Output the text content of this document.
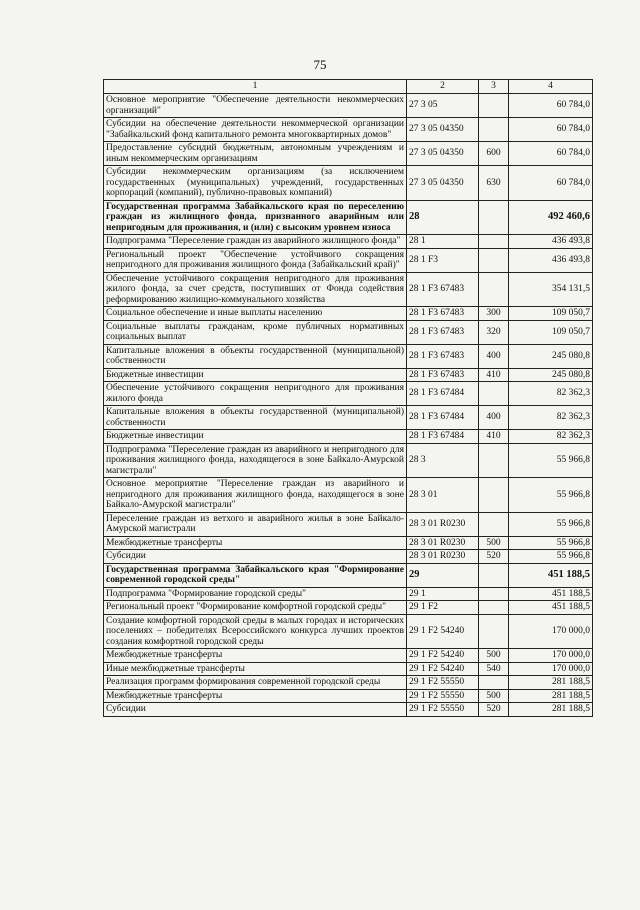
75
1	2	3	4
Основное мероприятие "Обеспечение деятельности некоммерческих организаций"	27 3 05		60 784,0
Субсидии на обеспечение деятельности некоммерческой организации "Забайкальский фонд капитального ремонта многоквартирных домов"	27 3 05 04350		60 784,0
Предоставление субсидий бюджетным, автономным учреждениям и иным некоммерческим организациям	27 3 05 04350	600	60 784,0
Субсидии некоммерческим организациям (за исключением государственных (муниципальных) учреждений, государственных корпораций (компаний), публично-правовых компаний)	27 3 05 04350	630	60 784,0
Государственная программа Забайкальского края по переселению граждан из жилищного фонда, признанного аварийным или непригодным для проживания, и (или) с высоким уровнем износа	28		492 460,6
Подпрограмма "Переселение граждан из аварийного жилищного фонда"	28 1		436 493,8
Региональный проект "Обеспечение устойчивого сокращения непригодного для проживания жилищного фонда (Забайкальский край)"	28 1 F3		436 493,8
Обеспечение устойчивого сокращения непригодного для проживания жилого фонда, за счет средств, поступивших от Фонда содействия реформированию жилищно-коммунального хозяйства	28 1 F3 67483		354 131,5
Социальное обеспечение и иные выплаты населению	28 1 F3 67483	300	109 050,7
Социальные выплаты гражданам, кроме публичных нормативных социальных выплат	28 1 F3 67483	320	109 050,7
Капитальные вложения в объекты государственной (муниципальной) собственности	28 1 F3 67483	400	245 080,8
Бюджетные инвестиции	28 1 F3 67483	410	245 080,8
Обеспечение устойчивого сокращения непригодного для проживания жилого фонда	28 1 F3 67484		82 362,3
Капитальные вложения в объекты государственной (муниципальной) собственности	28 1 F3 67484	400	82 362,3
Бюджетные инвестиции	28 1 F3 67484	410	82 362,3
Подпрограмма "Переселение граждан из аварийного и непригодного для проживания жилищного фонда, находящегося в зоне Байкало-Амурской магистрали"	28 3		55 966,8
Основное мероприятие "Переселение граждан из аварийного и непригодного для проживания жилищного фонда, находящегося в зоне Байкало-Амурской магистрали"	28 3 01		55 966,8
Переселение граждан из ветхого и аварийного жилья в зоне Байкало-Амурской магистрали	28 3 01 R0230		55 966,8
Межбюджетные трансферты	28 3 01 R0230	500	55 966,8
Субсидии	28 3 01 R0230	520	55 966,8
Государственная программа Забайкальского края "Формирование современной городской среды"	29		451 188,5
Подпрограмма "Формирование городской среды"	29 1		451 188,5
Региональный проект "Формирование комфортной городской среды"	29 1 F2		451 188,5
Создание комфортной городской среды в малых городах и исторических поселениях – победителях Всероссийского конкурса лучших проектов создания комфортной городской среды	29 1 F2 54240		170 000,0
Межбюджетные трансферты	29 1 F2 54240	500	170 000,0
Иные межбюджетные трансферты	29 1 F2 54240	540	170 000,0
Реализация программ формирования современной городской среды	29 1 F2 55550		281 188,5
Межбюджетные трансферты	29 1 F2 55550	500	281 188,5
Субсидии	29 1 F2 55550	520	281 188,5
